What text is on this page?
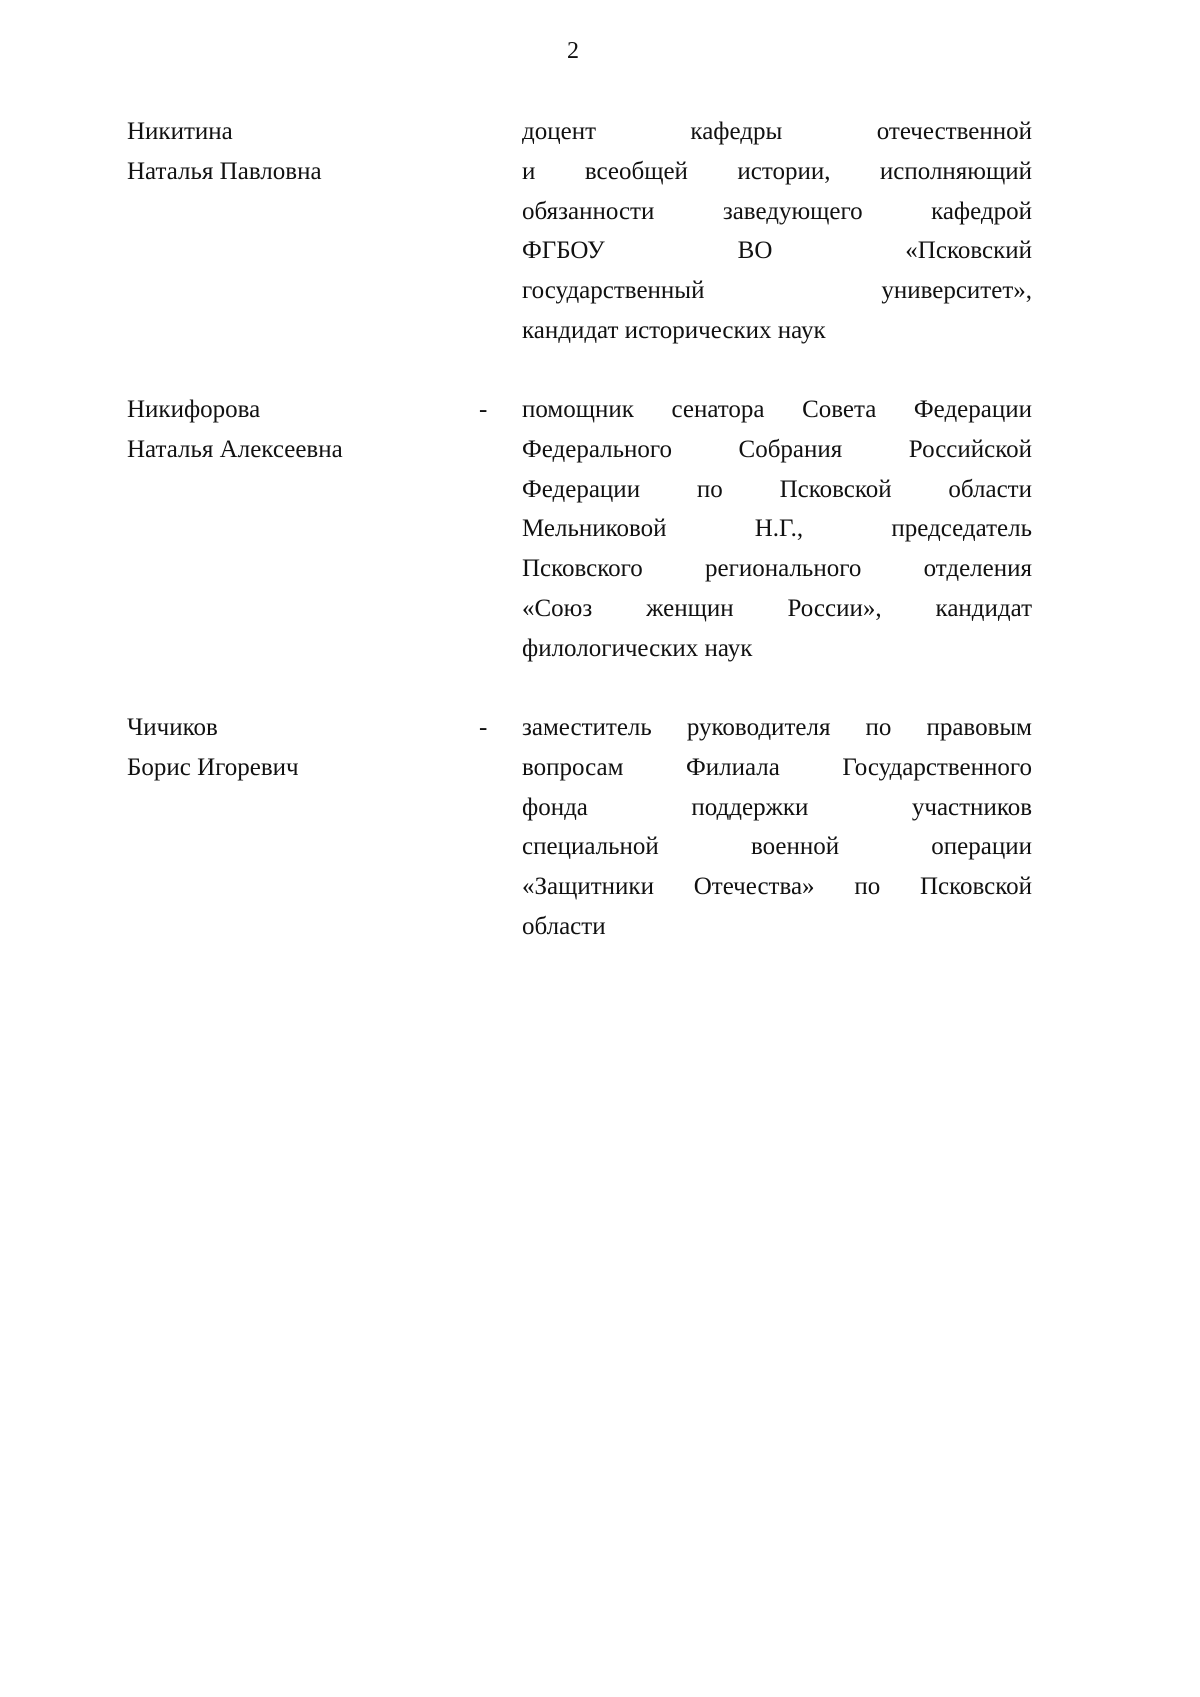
2
Никитина
Наталья Павловна
доцент кафедры отечественной
и всеобщей истории, исполняющий
обязанности заведующего кафедрой
ФГБОУ ВО «Псковский
государственный университет»,
кандидат исторических наук
Никифорова
Наталья Алексеевна
- помощник сенатора Совета Федерации
Федерального Собрания Российской
Федерации по Псковской области
Мельниковой Н.Г., председатель
Псковского регионального отделения
«Союз женщин России», кандидат
филологических наук
Чичиков
Борис Игоревич
- заместитель руководителя по правовым
вопросам Филиала Государственного
фонда поддержки участников
специальной военной операции
«Защитники Отечества» по Псковской
области
